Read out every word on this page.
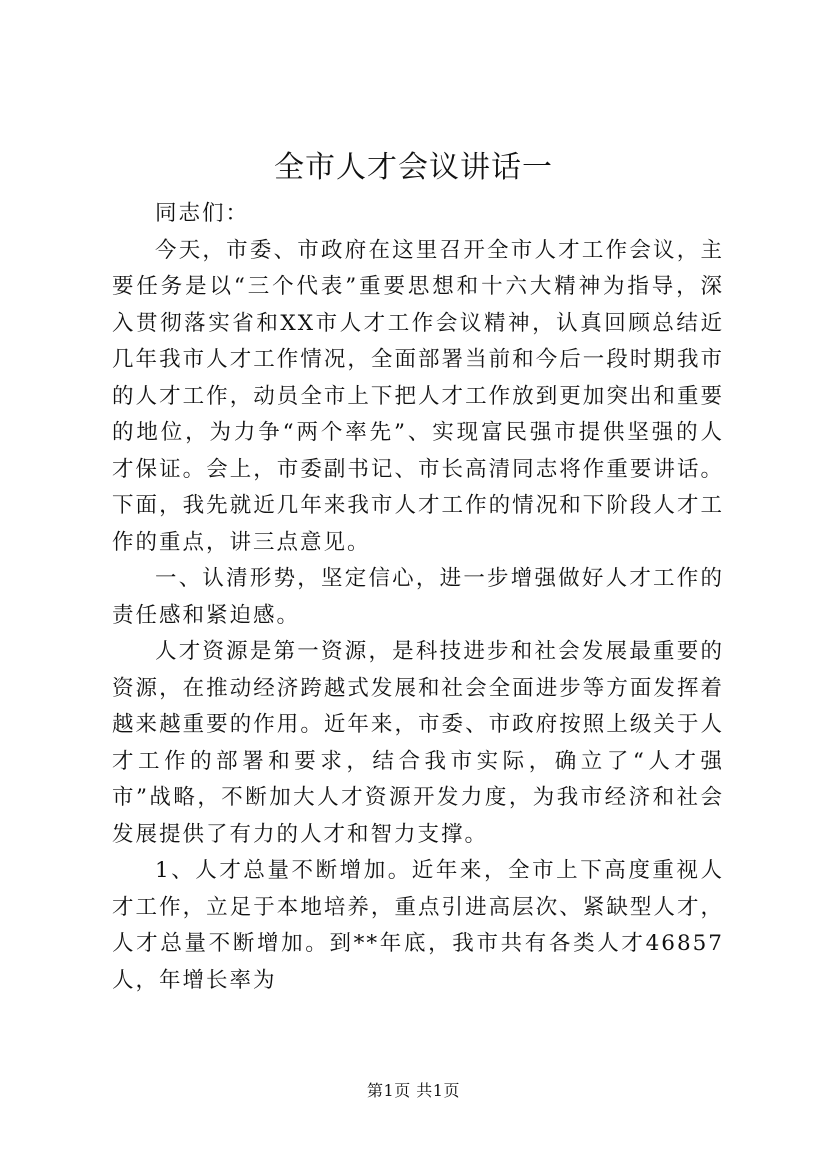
全市人才会议讲话一

同志们：

今天，市委、市政府在这里召开全市人才工作会议，主要任务是以“三个代表”重要思想和十六大精神为指导，深入贯彻落实省和XX市人才工作会议精神，认真回顾总结近几年我市人才工作情况，全面部署当前和今后一段时期我市的人才工作，动员全市上下把人才工作放到更加突出和重要的地位，为力争“两个率先”、实现富民强市提供坚强的人才保证。会上，市委副书记、市长高清同志将作重要讲话。下面，我先就近几年来我市人才工作的情况和下阶段人才工作的重点，讲三点意见。

一、认清形势，坚定信心，进一步增强做好人才工作的责任感和紧迫感。

人才资源是第一资源，是科技进步和社会发展最重要的资源，在推动经济跨越式发展和社会全面进步等方面发挥着越来越重要的作用。近年来，市委、市政府按照上级关于人才工作的部署和要求，结合我市实际，确立了“人才强市”战略，不断加大人才资源开发力度，为我市经济和社会发展提供了有力的人才和智力支撑。

1、人才总量不断增加。近年来，全市上下高度重视人才工作，立足于本地培养，重点引进高层次、紧缺型人才，人才总量不断增加。到**年底，我市共有各类人才46857人，年增长率为

第1页 共1页
